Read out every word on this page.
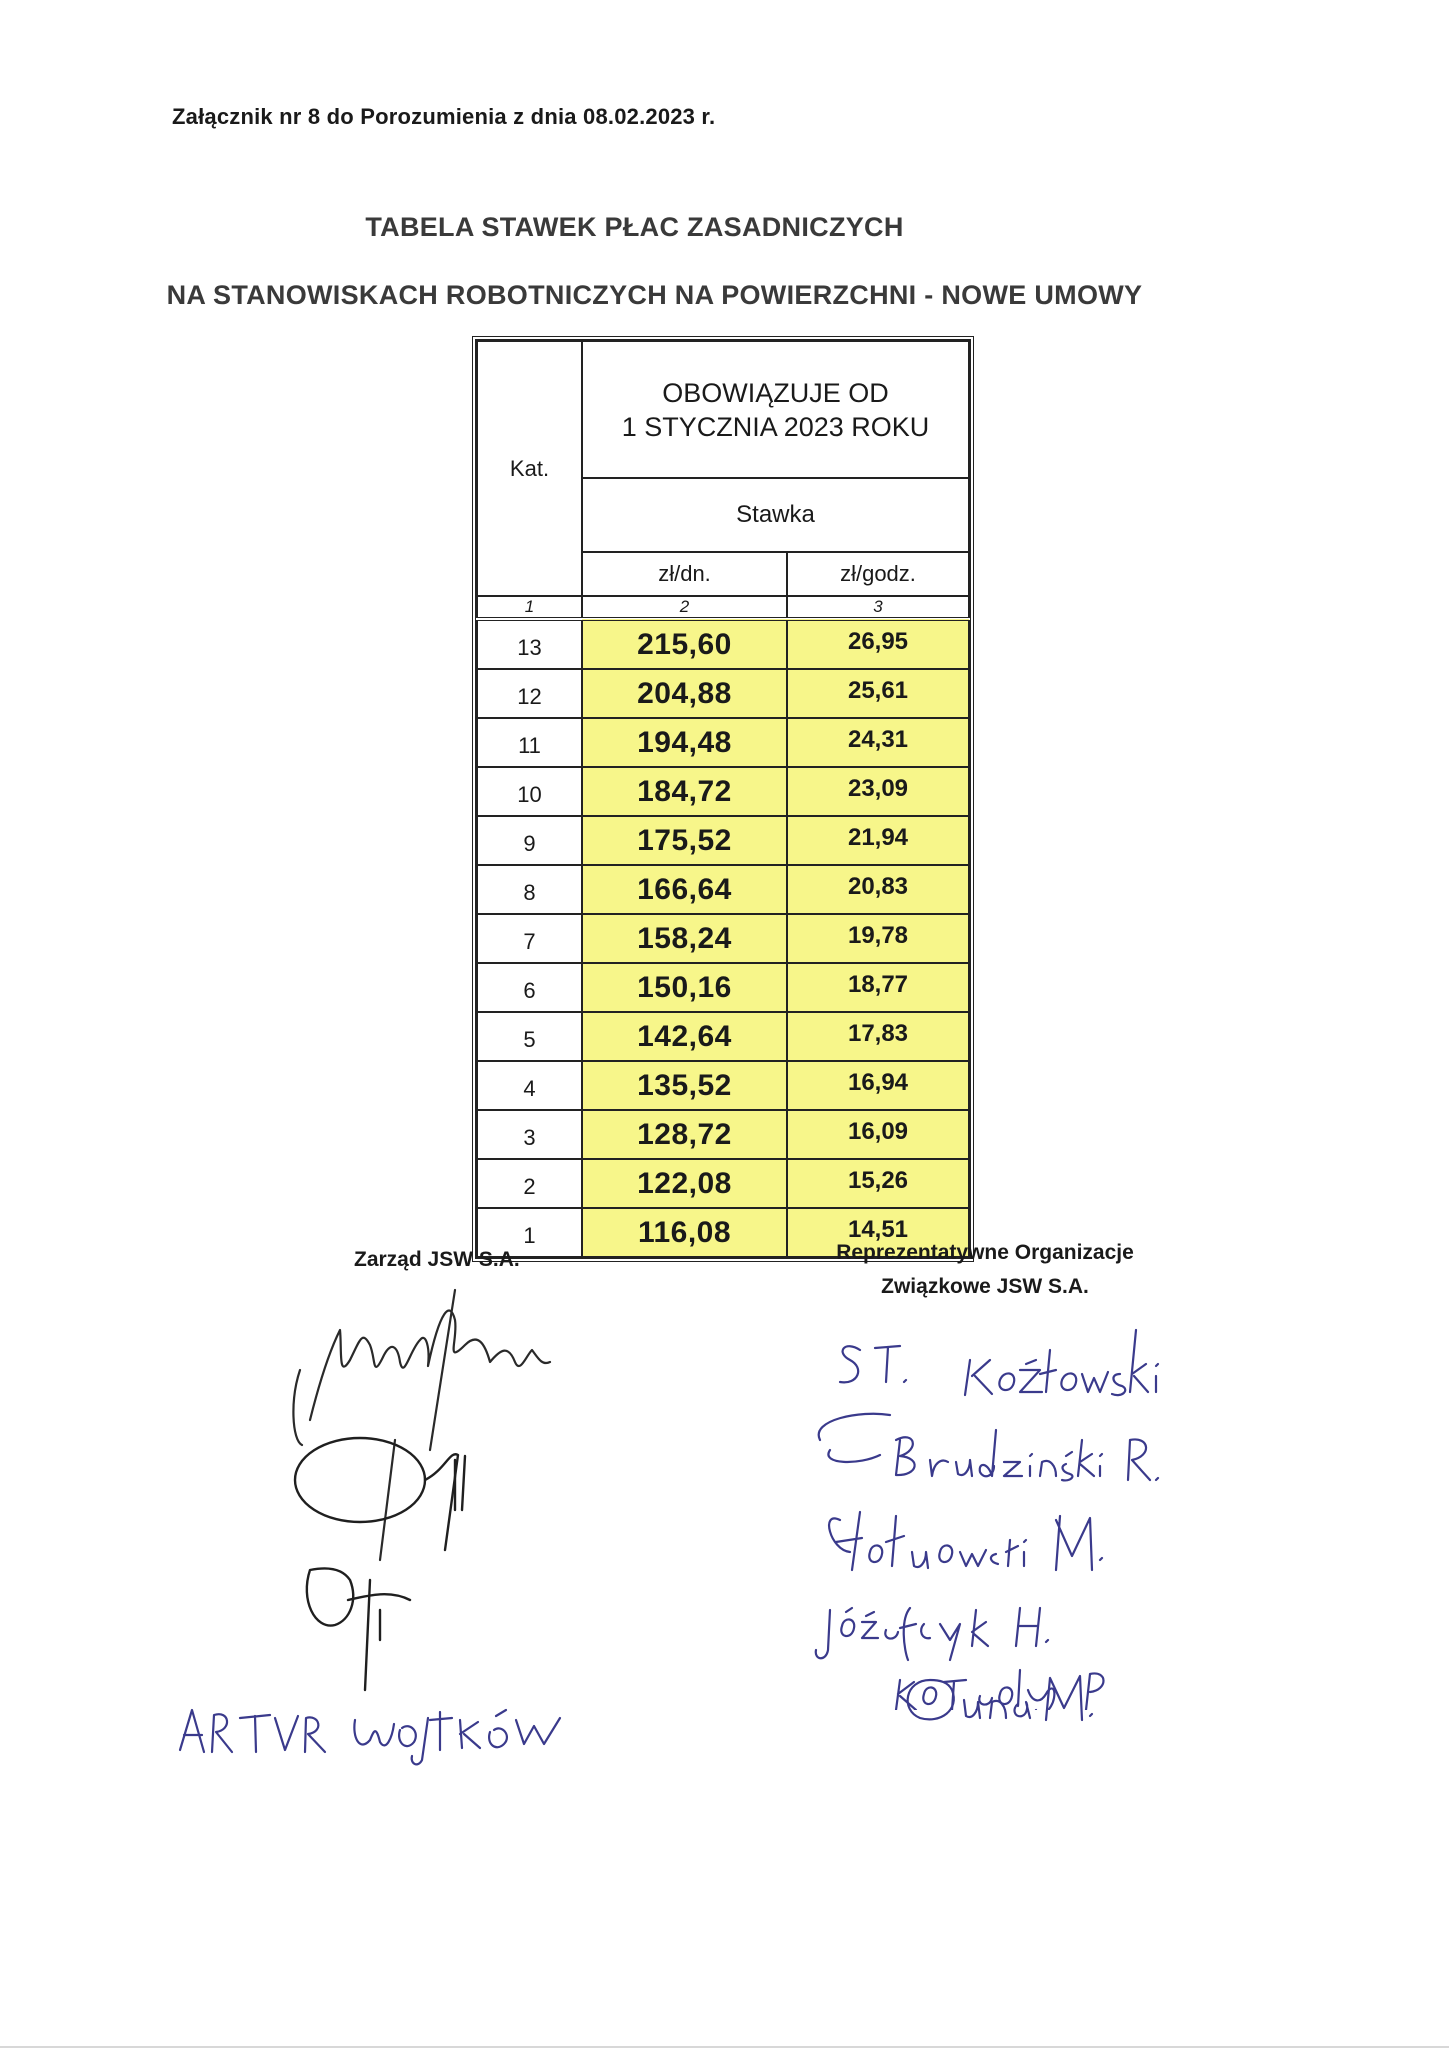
Załącznik nr 8 do Porozumienia z dnia 08.02.2023 r.
TABELA STAWEK PŁAC ZASADNICZYCH
NA STANOWISKACH ROBOTNICZYCH NA POWIERZCHNI - NOWE UMOWY
Kat.	OBOWIĄZUJE OD
1 STYCZNIA 2023 ROKU	

	Stawka	
	zł/dn.	zł/godz.
1	2	3
13	215,60	26,95
12	204,88	25,61
11	194,48	24,31
10	184,72	23,09
9	175,52	21,94
8	166,64	20,83
7	158,24	19,78
6	150,16	18,77
5	142,64	17,83
4	135,52	16,94
3	128,72	16,09
2	122,08	15,26
1	116,08	14,51
Zarząd JSW S.A.	Reprezentatywne Organizacje
Związkowe JSW S.A.
